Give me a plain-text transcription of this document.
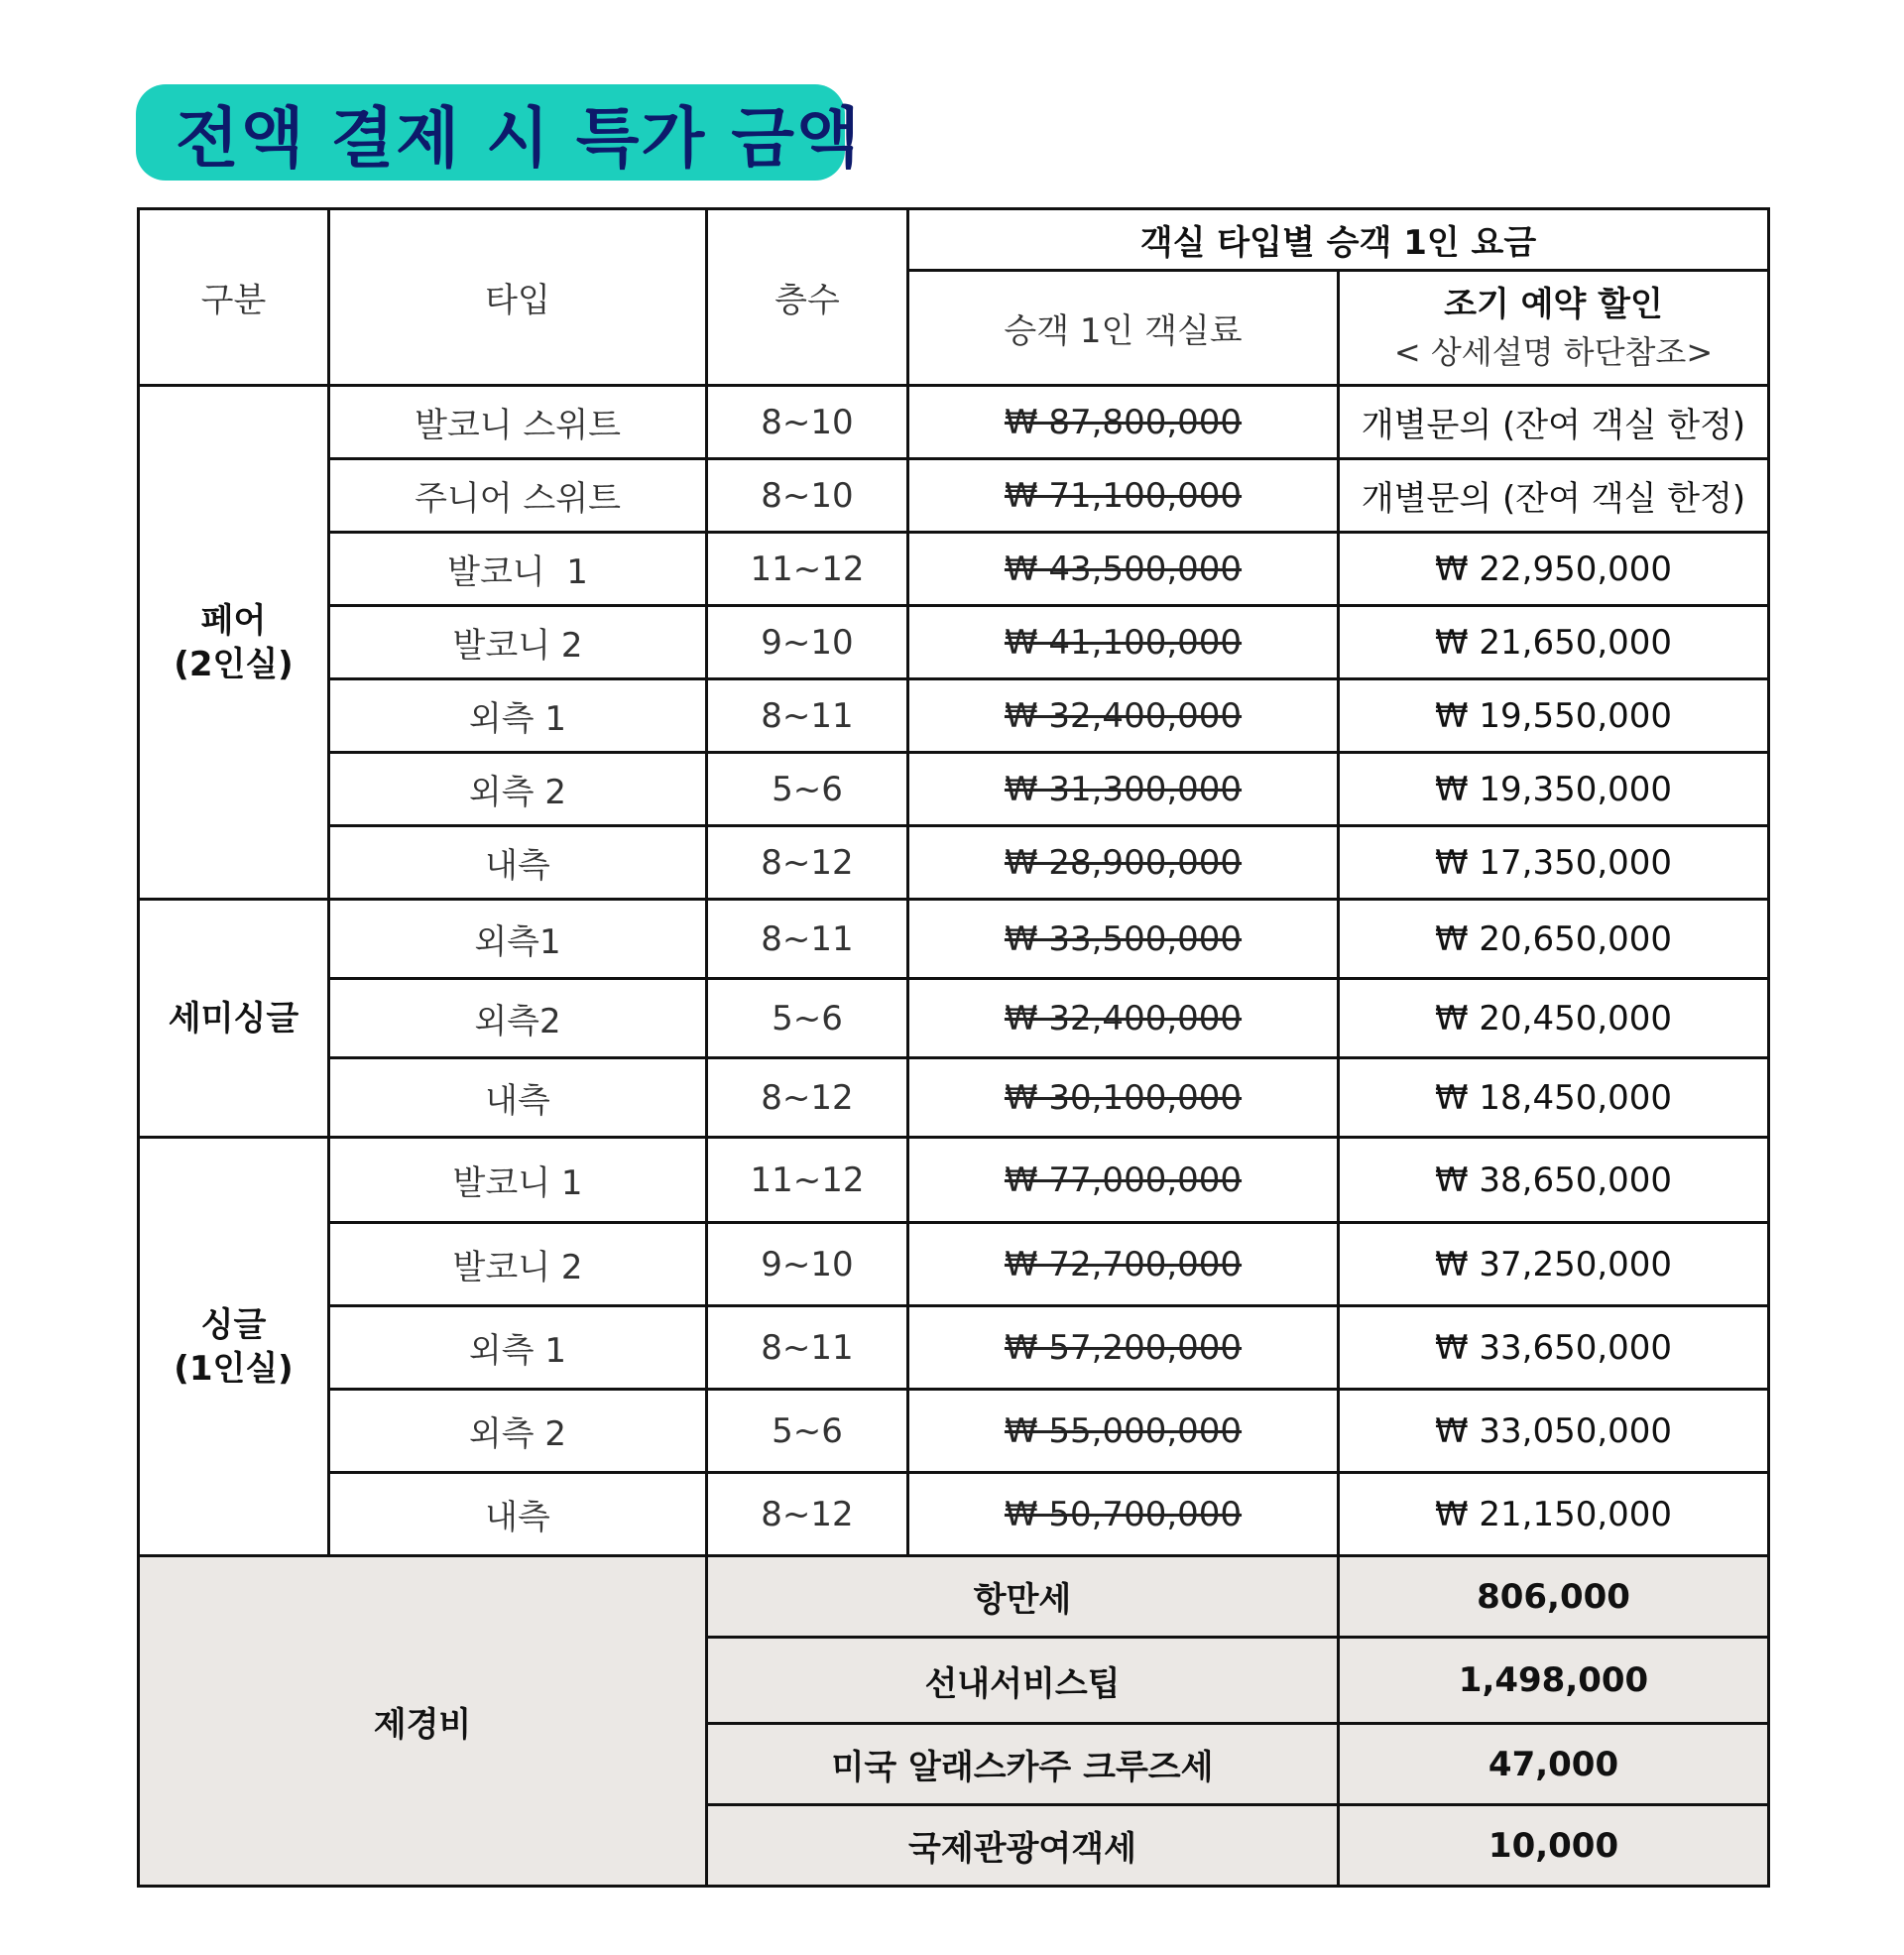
전액 결제 시 특가 금액
구분	타입	층수	객실 타입별 승객 1인 요금	
			승객 1인 객실료	조기 예약 할인
< 상세설명 하단참조>

페어
(2인실)	발코니 스위트	8~10	₩ 87,800,000	개별문의 (잔여 객실 한정)
	주니어 스위트	8~10	₩ 71,100,000	개별문의 (잔여 객실 한정)
	발코니  1	11~12	₩ 43,500,000	₩ 22,950,000
	발코니 2	9~10	₩ 41,100,000	₩ 21,650,000
	외측 1	8~11	₩ 32,400,000	₩ 19,550,000
	외측 2	5~6	₩ 31,300,000	₩ 19,350,000
	내측	8~12	₩ 28,900,000	₩ 17,350,000

세미싱글	외측1	8~11	₩ 33,500,000	₩ 20,650,000
	외측2	5~6	₩ 32,400,000	₩ 20,450,000
	내측	8~12	₩ 30,100,000	₩ 18,450,000

싱글
(1인실)	발코니 1	11~12	₩ 77,000,000	₩ 38,650,000
	발코니 2	9~10	₩ 72,700,000	₩ 37,250,000
	외측 1	8~11	₩ 57,200,000	₩ 33,650,000
	외측 2	5~6	₩ 55,000,000	₩ 33,050,000
	내측	8~12	₩ 50,700,000	₩ 21,150,000
제경비		항만세		806,000
		선내서비스팁		1,498,000
		미국 알래스카주 크루즈세		47,000
		국제관광여객세		10,000
